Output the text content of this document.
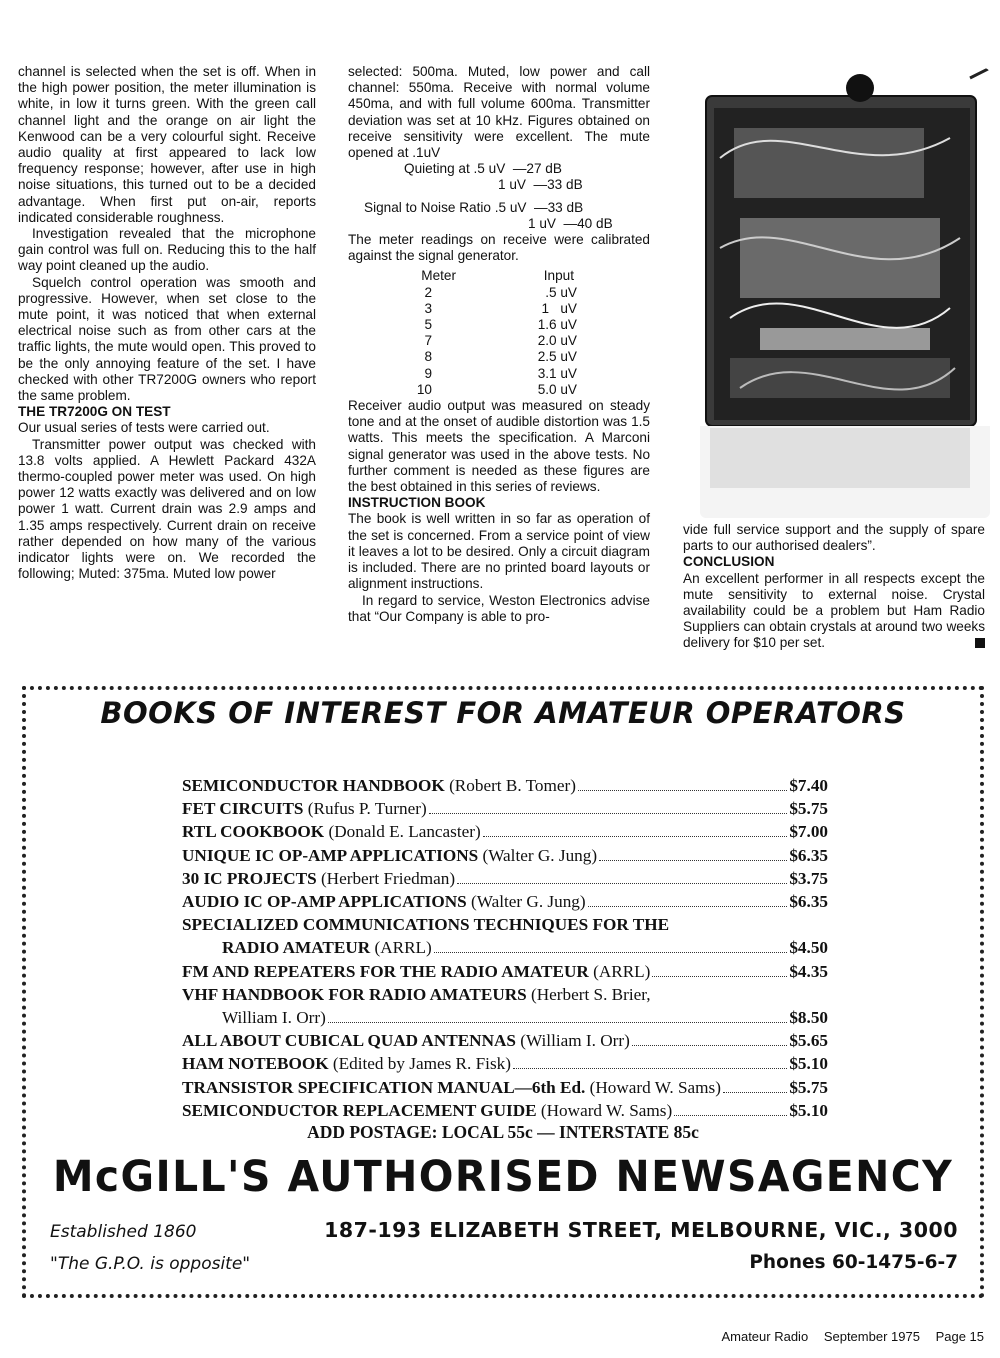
channel is selected when the set is off. When in the high power position, the meter illumination is white, in low it turns green. With the green call channel light and the orange on air light the Kenwood can be a very colourful sight. Receive audio quality at first appeared to lack low frequency response; however, after use in high noise situations, this turned out to be a decided advantage. When first put on-air, reports indicated considerable roughness.

Investigation revealed that the microphone gain control was full on. Reducing this to the half way point cleaned up the audio.

Squelch control operation was smooth and progressive. However, when set close to the mute point, it was noticed that when external electrical noise such as from other cars at the traffic lights, the mute would open. This proved to be the only annoying feature of the set. I have checked with other TR7200G owners who report the same problem.

THE TR7200G ON TEST

Our usual series of tests were carried out.

Transmitter power output was checked with 13.8 volts applied. A Hewlett Packard 432A thermo-coupled power meter was used. On high power 12 watts exactly was delivered and on low power 1 watt. Current drain was 2.9 amps and 1.35 amps respectively. Current drain on receive rather depended on how many of the various indicator lights were on. We recorded the following; Muted: 375ma. Muted low power

selected: 500ma. Muted, low power and call channel: 550ma. Receive with normal volume 450ma, and with full volume 600ma. Transmitter deviation was set at 10 kHz. Figures obtained on receive sensitivity were excellent. The mute opened at .1uV

Quieting at .5 uV  —27 dB
1 uV  —33 dB
Signal to Noise Ratio .5 uV  —33 dB
1 uV  —40 dB

The meter readings on receive were calibrated against the signal generator.

Meter	Input
2	.5 uV
3	1   uV
5	1.6 uV
7	2.0 uV
8	2.5 uV
9	3.1 uV
10	5.0 uV

Receiver audio output was measured on steady tone and at the onset of audible distortion was 1.5 watts. This meets the specification. A Marconi signal generator was used in the above tests. No further comment is needed as these figures are the best obtained in this series of reviews.

INSTRUCTION BOOK

The book is well written in so far as operation of the set is concerned. From a service point of view it leaves a lot to be desired. Only a circuit diagram is included. There are no printed board layouts or alignment instructions.

In regard to service, Weston Electronics advise that “Our Company is able to pro-

vide full service support and the supply of spare parts to our authorised dealers”.

CONCLUSION

An excellent performer in all respects except the mute sensitivity to external noise. Crystal availability could be a problem but Ham Radio Suppliers can obtain crystals at around two weeks delivery for $10 per set.

BOOKS OF INTEREST FOR AMATEUR OPERATORS
SEMICONDUCTOR HANDBOOK (Robert B. Tomer)	$7.40
FET CIRCUITS (Rufus P. Turner)	$5.75
RTL COOKBOOK (Donald E. Lancaster)	$7.00
UNIQUE IC OP-AMP APPLICATIONS (Walter G. Jung)	$6.35
30 IC PROJECTS (Herbert Friedman)	$3.75
AUDIO IC OP-AMP APPLICATIONS (Walter G. Jung)	$6.35
SPECIALIZED COMMUNICATIONS TECHNIQUES FOR THE
RADIO AMATEUR (ARRL)	$4.50
FM AND REPEATERS FOR THE RADIO AMATEUR (ARRL)	$4.35
VHF HANDBOOK FOR RADIO AMATEURS (Herbert S. Brier,
William I. Orr)	$8.50
ALL ABOUT CUBICAL QUAD ANTENNAS (William I. Orr)	$5.65
HAM NOTEBOOK (Edited by James R. Fisk)	$5.10
TRANSISTOR SPECIFICATION MANUAL—6th Ed. (Howard W. Sams)	$5.75
SEMICONDUCTOR REPLACEMENT GUIDE (Howard W. Sams)	$5.10
ADD POSTAGE: LOCAL 55c — INTERSTATE 85c
McGILL'S AUTHORISED NEWSAGENCY
Established 1860	187-193 ELIZABETH STREET, MELBOURNE, VIC., 3000
"The G.P.O. is opposite"	Phones 60-1475-6-7
Amateur Radio September 1975 Page 15
